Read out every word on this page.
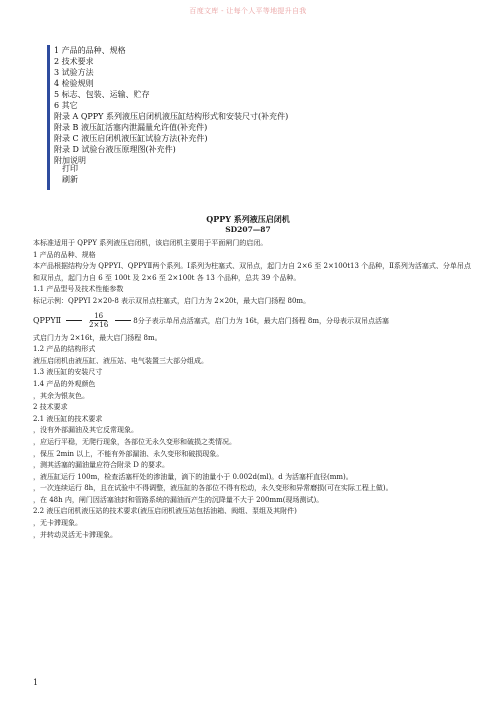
百度文库 - 让每个人平等地提升自我
1 产品的品种、规格
2 技术要求
3 试验方法
4 检验规则
5 标志、包装、运输、贮存
6 其它
附录 A QPPY 系列液压启闭机液压缸结构形式和安装尺寸(补充件)
附录 B 液压缸活塞内泄漏量允许值(补充件)
附录 C 液压启闭机液压缸试验方法(补充件)
附录 D 试验台液压原理图(补充件)
附加说明
打印
刷新
QPPY 系列液压启闭机
SD207—87

本标准适用于 QPPY 系列液压启闭机，该启闭机主要用于平面闸门的启闭。

1 产品的品种、规格

本产品根据结构分为 QPPYⅠ、QPPYⅡ两个系列。Ⅰ系列为柱塞式、双吊点，起门力自 2×6 至 2×100t13 个品种，Ⅱ系列为活塞式、分单吊点和双吊点，起门力自 6 至 100t 及 2×6 至 2×100t 各 13 个品种，总共 39 个品种。

1.1 产品型号及技术性能参数

标记示例：QPPYⅠ 2×20-8 表示双吊点柱塞式，启门力为 2×20t，最大启门扬程 80m。

QPPYⅡ	$\frac{16}{2\times 16}$	8 分子表示单吊点活塞式，启门力为 16t，最大启门扬程 8m，分母表示双吊点活塞

式启门力为 2×16t，最大启门扬程 8m。

1.2 产品的结构形式

液压启闭机由液压缸、液压站、电气装置三大部分组成。

1.3 液压缸的安装尺寸

1.4 产品的外观颜色

，其余为银灰色。

2 技术要求

2.1 液压缸的技术要求

，没有外部漏油及其它反常现象。

，应运行平稳，无爬行现象，各部位无永久变形和破损之类情况。

，保压 2min 以上，不能有外部漏油、永久变形和破损现象。

，测其活塞的漏油量应符合附录 D 的要求。

，液压缸运行 100m，检查活塞杆处的渗油量，滴下的油量小于 0.002d(ml)。d 为活塞杆直径(mm)。

，一次连续运行 8h，且在试验中不得调整，液压缸的各部位不得有松动，永久变形和异常磨损(可在实际工程上做)。

，在 48h 内，闸门因活塞油封和管路系统的漏油而产生的沉降量不大于 200mm(现场测试)。

2.2 液压启闭机液压站的技术要求(液压启闭机液压站包括油箱、阀组、泵组及其附件)

，无卡滞现象。

，并转动灵活无卡滞现象。

1
